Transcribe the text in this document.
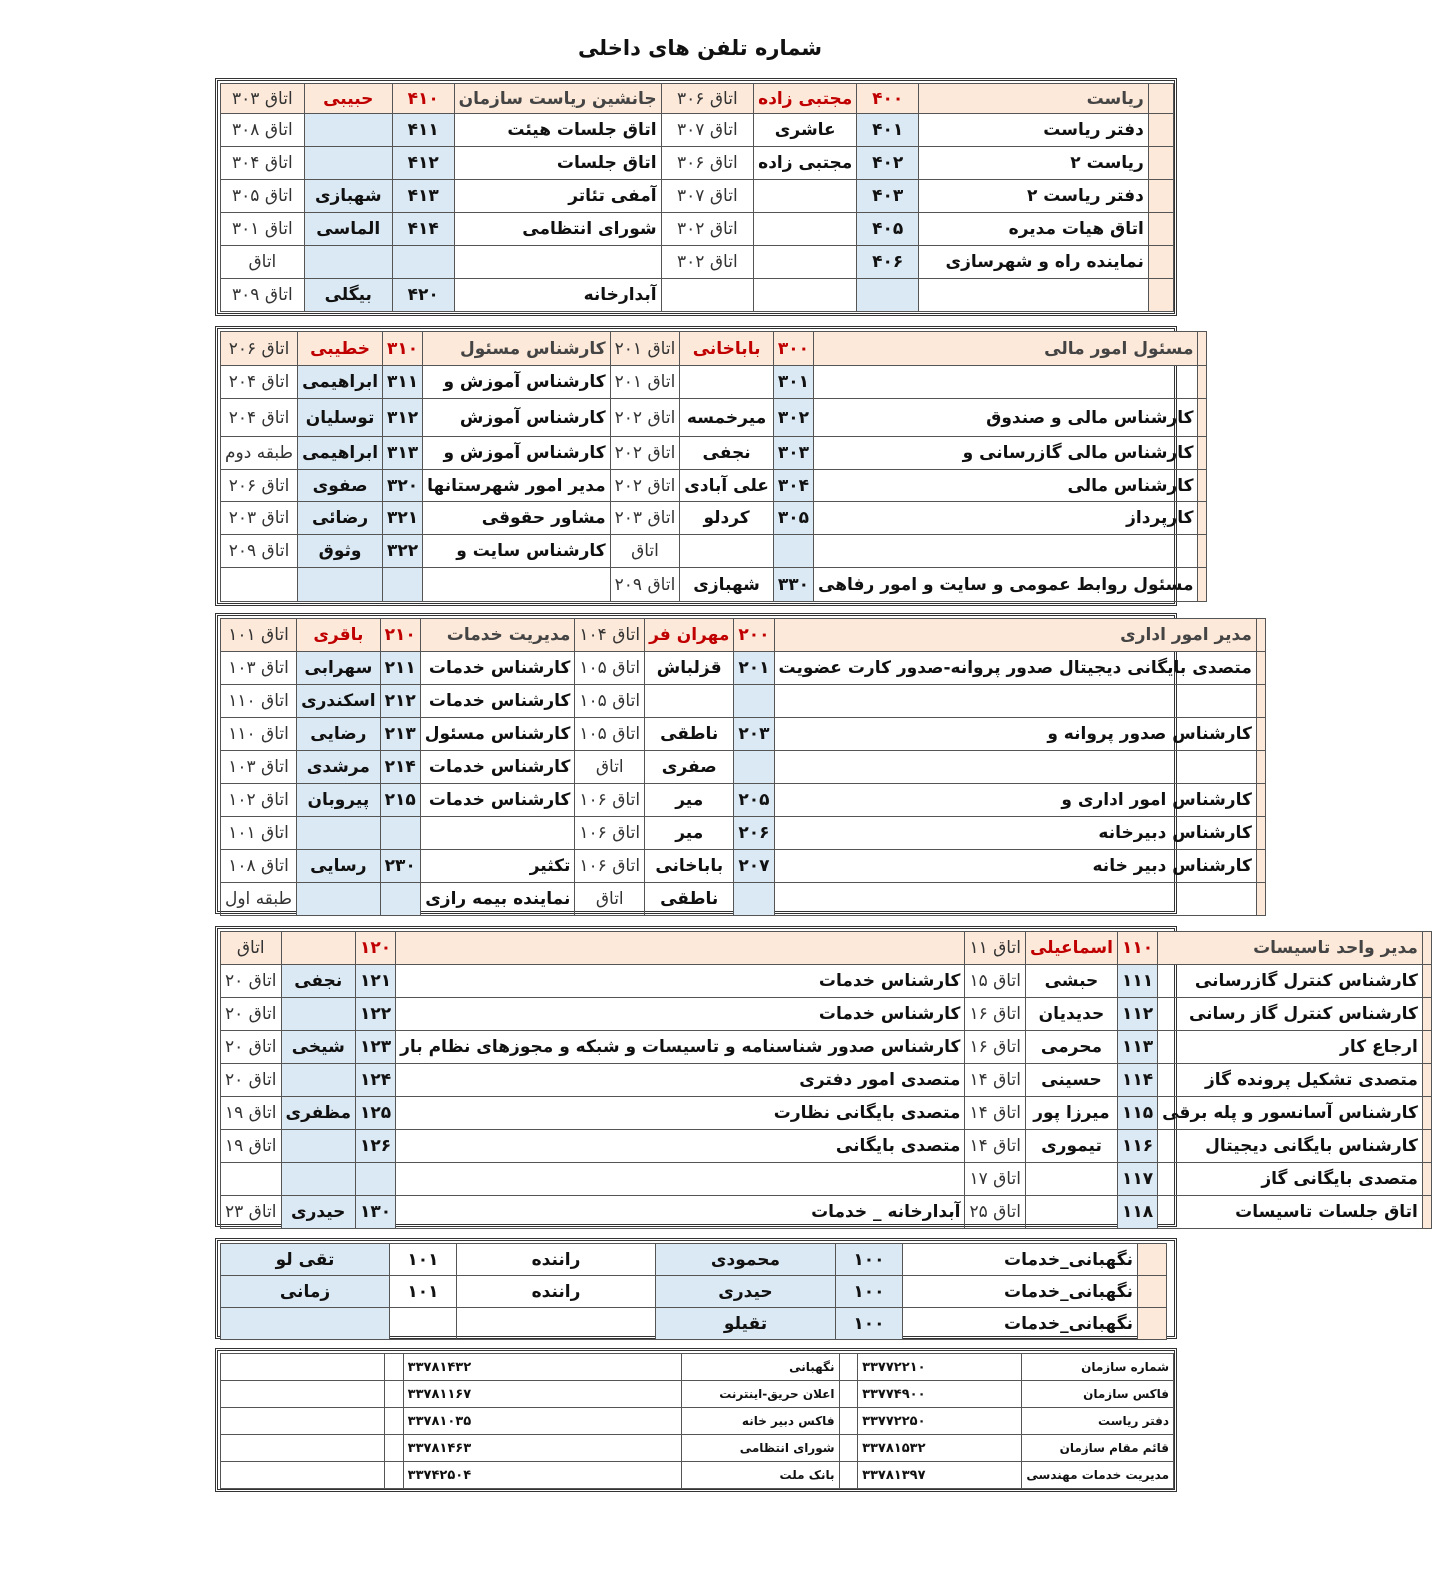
شماره تلفن های داخلی
	ریاست	۴۰۰	مجتبی زاده	اتاق ۳۰۶	جانشین ریاست سازمان	۴۱۰	حبیبی	اتاق ۳۰۳
	دفتر ریاست	۴۰۱	عاشری	اتاق ۳۰۷	اتاق جلسات هیئت	۴۱۱		اتاق ۳۰۸
	ریاست ۲	۴۰۲	مجتبی زاده	اتاق ۳۰۶	اتاق جلسات	۴۱۲		اتاق ۳۰۴
	دفتر ریاست ۲	۴۰۳		اتاق ۳۰۷	آمفی تئاتر	۴۱۳	شهبازی	اتاق ۳۰۵
	اتاق هیات مدیره	۴۰۵		اتاق ۳۰۲	شورای انتظامی	۴۱۴	الماسی	اتاق ۳۰۱
	نماینده راه و شهرسازی	۴۰۶		اتاق ۳۰۲				اتاق
					آبدارخانه	۴۲۰	بیگلی	اتاق ۳۰۹
	مسئول امور مالی	۳۰۰	باباخانی	اتاق ۲۰۱	کارشناس مسئول	۳۱۰	خطیبی	اتاق ۲۰۶
		۳۰۱		اتاق ۲۰۱	کارشناس آموزش و	۳۱۱	ابراهیمی	اتاق ۲۰۴
	کارشناس مالی و صندوق	۳۰۲	میرخمسه	اتاق ۲۰۲	کارشناس آموزش	۳۱۲	توسلیان	اتاق ۲۰۴
	کارشناس مالی گازرسانی و	۳۰۳	نجفی	اتاق ۲۰۲	کارشناس آموزش و	۳۱۳	ابراهیمی	طبقه دوم
	کارشناس مالی	۳۰۴	علی آبادی	اتاق ۲۰۲	مدیر امور شهرستانها	۳۲۰	صفوی	اتاق ۲۰۶
	کارپرداز	۳۰۵	کردلو	اتاق ۲۰۳	مشاور حقوقی	۳۲۱	رضائی	اتاق ۲۰۳
				اتاق	کارشناس سایت و	۳۲۲	وثوق	اتاق ۲۰۹
	مسئول روابط عمومی و سایت و امور رفاهی	۳۳۰	شهبازی	اتاق ۲۰۹				
	مدیر امور اداری	۲۰۰	مهران فر	اتاق ۱۰۴	مدیریت خدمات	۲۱۰	باقری	اتاق ۱۰۱
	متصدی بایگانی دیجیتال صدور پروانه-صدور کارت عضویت	۲۰۱	قزلباش	اتاق ۱۰۵	کارشناس خدمات	۲۱۱	سهرابی	اتاق ۱۰۳
				اتاق ۱۰۵	کارشناس خدمات	۲۱۲	اسکندری	اتاق ۱۱۰
	کارشناس صدور پروانه و	۲۰۳	ناطقی	اتاق ۱۰۵	کارشناس مسئول	۲۱۳	رضایی	اتاق ۱۱۰
			صفری	اتاق	کارشناس خدمات	۲۱۴	مرشدی	اتاق ۱۰۳
	کارشناس امور اداری و	۲۰۵	میر	اتاق ۱۰۶	کارشناس خدمات	۲۱۵	پیروبان	اتاق ۱۰۲
	کارشناس دبیرخانه	۲۰۶	میر	اتاق ۱۰۶				اتاق ۱۰۱
	کارشناس دبیر خانه	۲۰۷	باباخانی	اتاق ۱۰۶	تکثیر	۲۳۰	رسایی	اتاق ۱۰۸
			ناطقی	اتاق	نماینده بیمه رازی			طبقه اول
	مدیر واحد تاسیسات	۱۱۰	اسماعیلی	اتاق ۱۱		۱۲۰		اتاق
	کارشناس کنترل گازرسانی	۱۱۱	حبشی	اتاق ۱۵	کارشناس خدمات	۱۲۱	نجفی	اتاق ۲۰
	کارشناس کنترل گاز رسانی	۱۱۲	حدیدیان	اتاق ۱۶	کارشناس خدمات	۱۲۲		اتاق ۲۰
	ارجاع کار	۱۱۳	محرمی	اتاق ۱۶	کارشناس صدور شناسنامه و تاسیسات و شبکه و مجوزهای نظام بار	۱۲۳	شیخی	اتاق ۲۰
	متصدی تشکیل پرونده گاز	۱۱۴	حسینی	اتاق ۱۴	متصدی امور دفتری	۱۲۴		اتاق ۲۰
	کارشناس آسانسور و پله برقی	۱۱۵	میرزا پور	اتاق ۱۴	متصدی بایگانی نظارت	۱۲۵	مظفری	اتاق ۱۹
	کارشناس بایگانی دیجیتال	۱۱۶	تیموری	اتاق ۱۴	متصدی بایگانی	۱۲۶		اتاق ۱۹
	متصدی بایگانی گاز	۱۱۷		اتاق ۱۷				
	اتاق جلسات تاسیسات	۱۱۸		اتاق ۲۵	آبدارخانه _ خدمات	۱۳۰	حیدری	اتاق ۲۳
	نگهبانی_خدمات	۱۰۰	محمودی	راننده	۱۰۱	تقی لو
	نگهبانی_خدمات	۱۰۰	حیدری	راننده	۱۰۱	زمانی
	نگهبانی_خدمات	۱۰۰	تقیلو			
شماره سازمان	۳۳۷۷۲۲۱۰		نگهبانی	۳۳۷۸۱۴۳۲		
فاکس سازمان	۳۳۷۷۴۹۰۰		اعلان حریق-اینترنت	۳۳۷۸۱۱۶۷		
دفتر ریاست	۳۳۷۷۲۲۵۰		فاکس دبیر خانه	۳۳۷۸۱۰۳۵		
قائم مقام سازمان	۳۳۷۸۱۵۳۲		شورای انتظامی	۳۳۷۸۱۴۶۳		
مدیریت خدمات مهندسی	۳۳۷۸۱۳۹۷		بانک ملت	۳۳۷۴۲۵۰۴		
